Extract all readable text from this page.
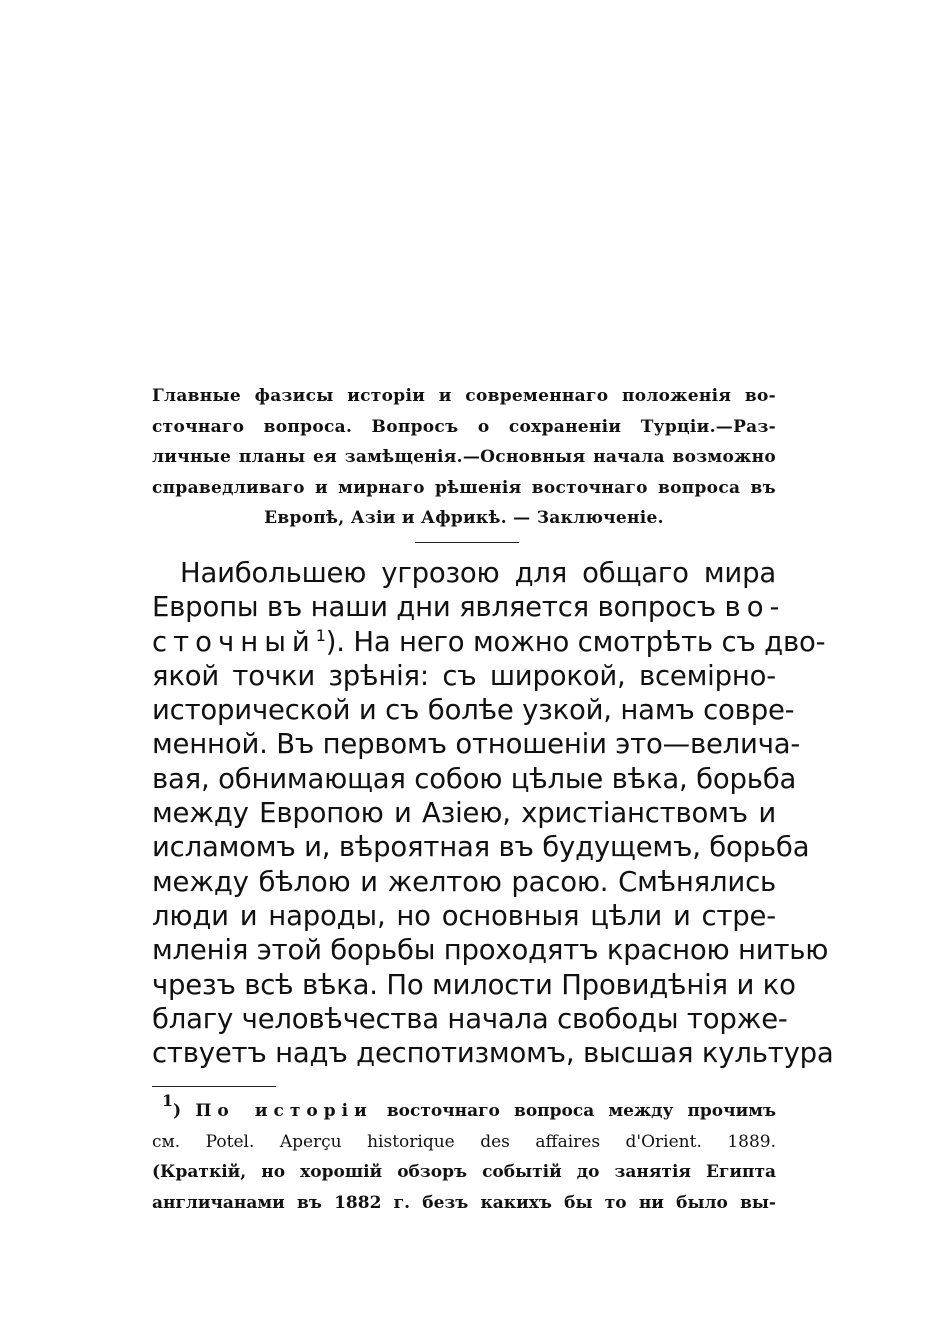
Главные фазисы исторіи и современнаго положенія во-
сточнаго вопроса. Вопросъ о сохраненіи Турціи.—Раз-
личные планы ея замѣщенія.—Основныя начала возможно
справедливаго и мирнаго рѣшенія восточнаго вопроса въ
Европѣ, Азіи и Африкѣ. — Заключеніе.
Наибольшею угрозою для общаго мира
Европы въ наши дни является вопросъ во-
сточный$^1$). На него можно смотрѣть съ дво-
якой точки зрѣнія: съ широкой, всемірно-
исторической и съ болѣе узкой, намъ совре-
менной. Въ первомъ отношеніи это—величa-
вая, обнимающая собою цѣлые вѣка, борьба
между Европою и Азіею, христіанствомъ и
исламомъ и, вѣроятная въ будущемъ, борьба
между бѣлою и желтою расою. Смѣнялись
люди и народы, но основныя цѣли и стре-
мленія этой борьбы проходятъ красною нитью
чрезъ всѣ вѣка. По милости Провидѣнія и ко
благу человѣчества начала свободы торже-
ствуетъ надъ деспотизмомъ, высшая культура
1) По исторіи восточнаго вопроса между прочимъ
см. Potel. Aperçu historique des affaires d'Orient. 1889.
(Краткій, но хорошій обзоръ событій до занятія Египта
англичанами въ 1882 г. безъ какихъ бы то ни было вы-
